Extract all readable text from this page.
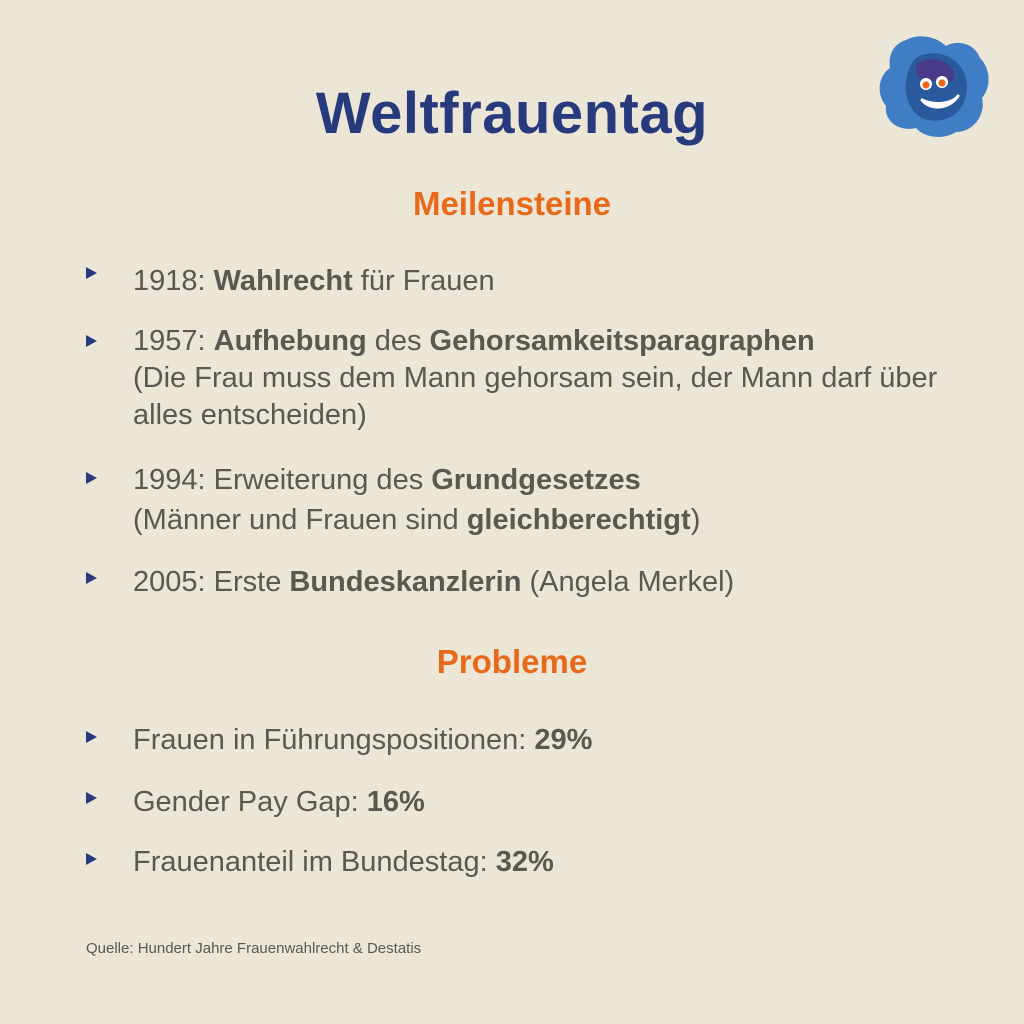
Weltfrauentag
Meilensteine
1918: Wahlrecht für Frauen
1957: Aufhebung des Gehorsamkeitsparagraphen
(Die Frau muss dem Mann gehorsam sein, der Mann darf über alles entscheiden)
1994: Erweiterung des Grundgesetzes
(Männer und Frauen sind gleichberechtigt)
2005: Erste Bundeskanzlerin (Angela Merkel)
Probleme
Frauen in Führungspositionen: 29%
Gender Pay Gap: 16%
Frauenanteil im Bundestag: 32%

Quelle: Hundert Jahre Frauenwahlrecht & Destatis
